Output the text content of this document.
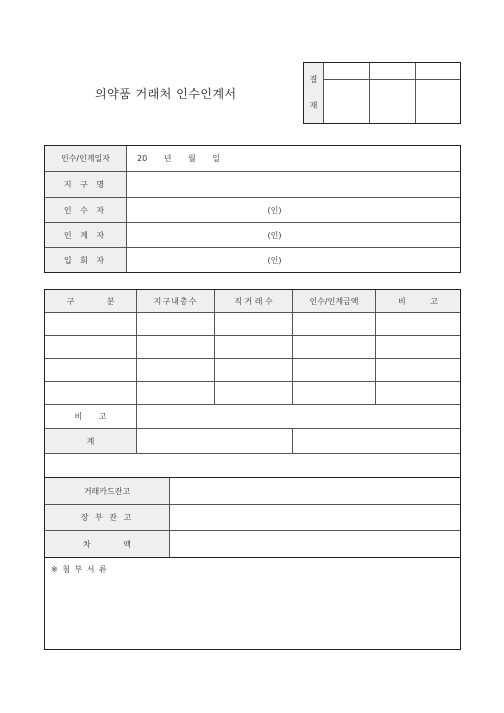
의약품 거래처 인수인계서
결
재			

인수/인계일자	20 년 월 일
지 구 명	
인 수 자	(인)
인 계 자	(인)
입 회 자	(인)
구 분	지구내총수	직 거 래 수	인수/인계금액	비 고

비 고				
계				

거래카드잔고	
장 부 잔 고	
차 액	
※ 첨 부 서 류
